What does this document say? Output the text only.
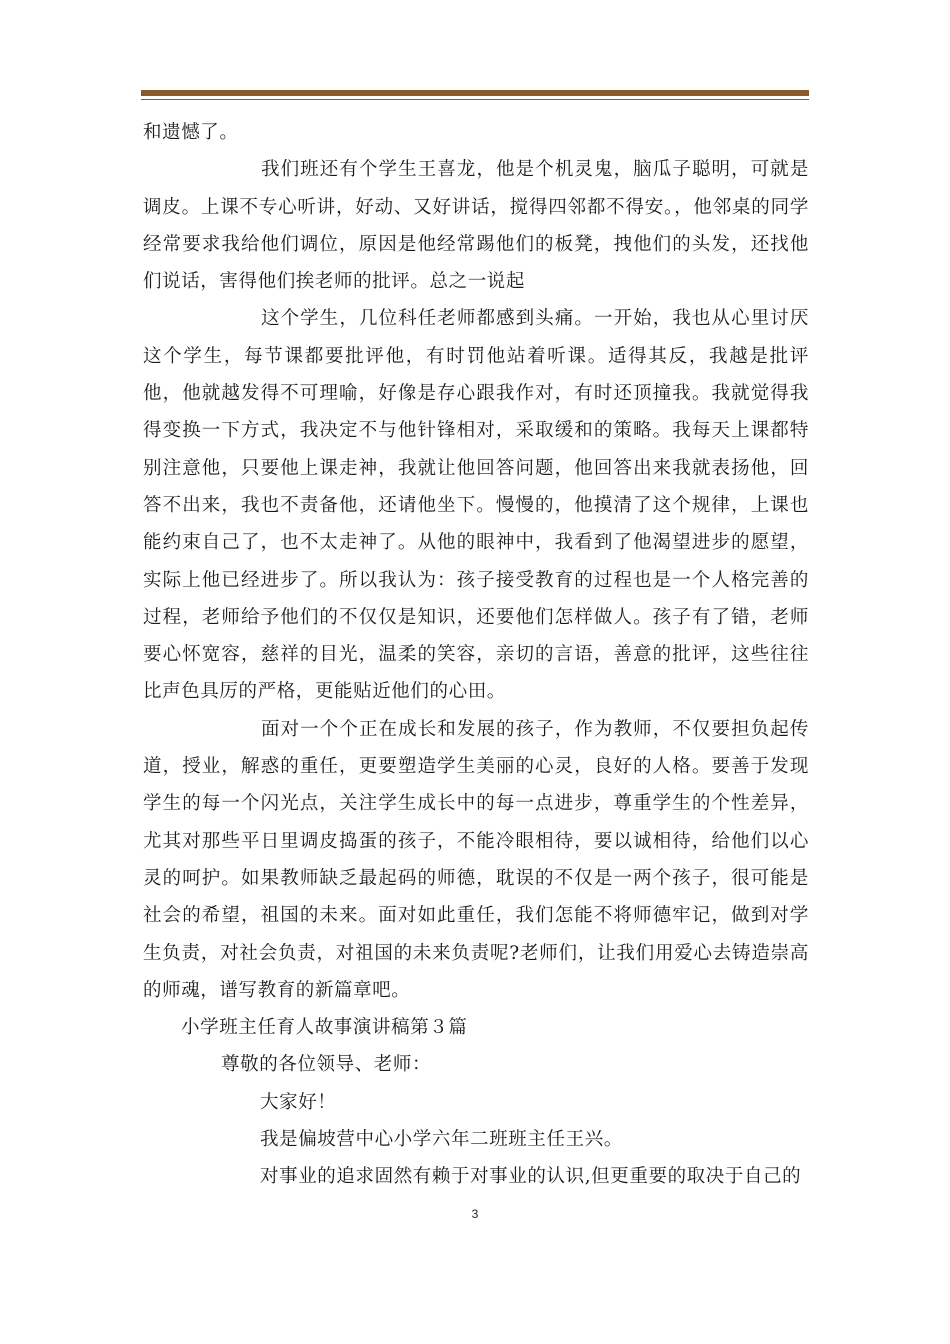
和遗憾了。

我们班还有个学生王喜龙，他是个机灵鬼，脑瓜子聪明，可就是调皮。上课不专心听讲，好动、又好讲话，搅得四邻都不得安。，他邻桌的同学经常要求我给他们调位，原因是他经常踢他们的板凳，拽他们的头发，还找他们说话，害得他们挨老师的批评。总之一说起

这个学生，几位科任老师都感到头痛。一开始，我也从心里讨厌这个学生，每节课都要批评他，有时罚他站着听课。适得其反，我越是批评他，他就越发得不可理喻，好像是存心跟我作对，有时还顶撞我。我就觉得我得变换一下方式，我决定不与他针锋相对，采取缓和的策略。我每天上课都特别注意他，只要他上课走神，我就让他回答问题，他回答出来我就表扬他，回答不出来，我也不责备他，还请他坐下。慢慢的，他摸清了这个规律，上课也能约束自己了，也不太走神了。从他的眼神中，我看到了他渴望进步的愿望，实际上他已经进步了。所以我认为：孩子接受教育的过程也是一个人格完善的过程，老师给予他们的不仅仅是知识，还要他们怎样做人。孩子有了错，老师要心怀宽容，慈祥的目光，温柔的笑容，亲切的言语，善意的批评，这些往往比声色具厉的严格，更能贴近他们的心田。

面对一个个正在成长和发展的孩子，作为教师，不仅要担负起传道，授业，解惑的重任，更要塑造学生美丽的心灵，良好的人格。要善于发现学生的每一个闪光点，关注学生成长中的每一点进步，尊重学生的个性差异，尤其对那些平日里调皮捣蛋的孩子，不能冷眼相待，要以诚相待，给他们以心灵的呵护。如果教师缺乏最起码的师德，耽误的不仅是一两个孩子，很可能是社会的希望，祖国的未来。面对如此重任，我们怎能不将师德牢记，做到对学生负责，对社会负责，对祖国的未来负责呢?老师们，让我们用爱心去铸造崇高的师魂，谱写教育的新篇章吧。

小学班主任育人故事演讲稿第３篇

尊敬的各位领导、老师：

大家好！

我是偏坡营中心小学六年二班班主任王兴。

对事业的追求固然有赖于对事业的认识,但更重要的取决于自己的

3
